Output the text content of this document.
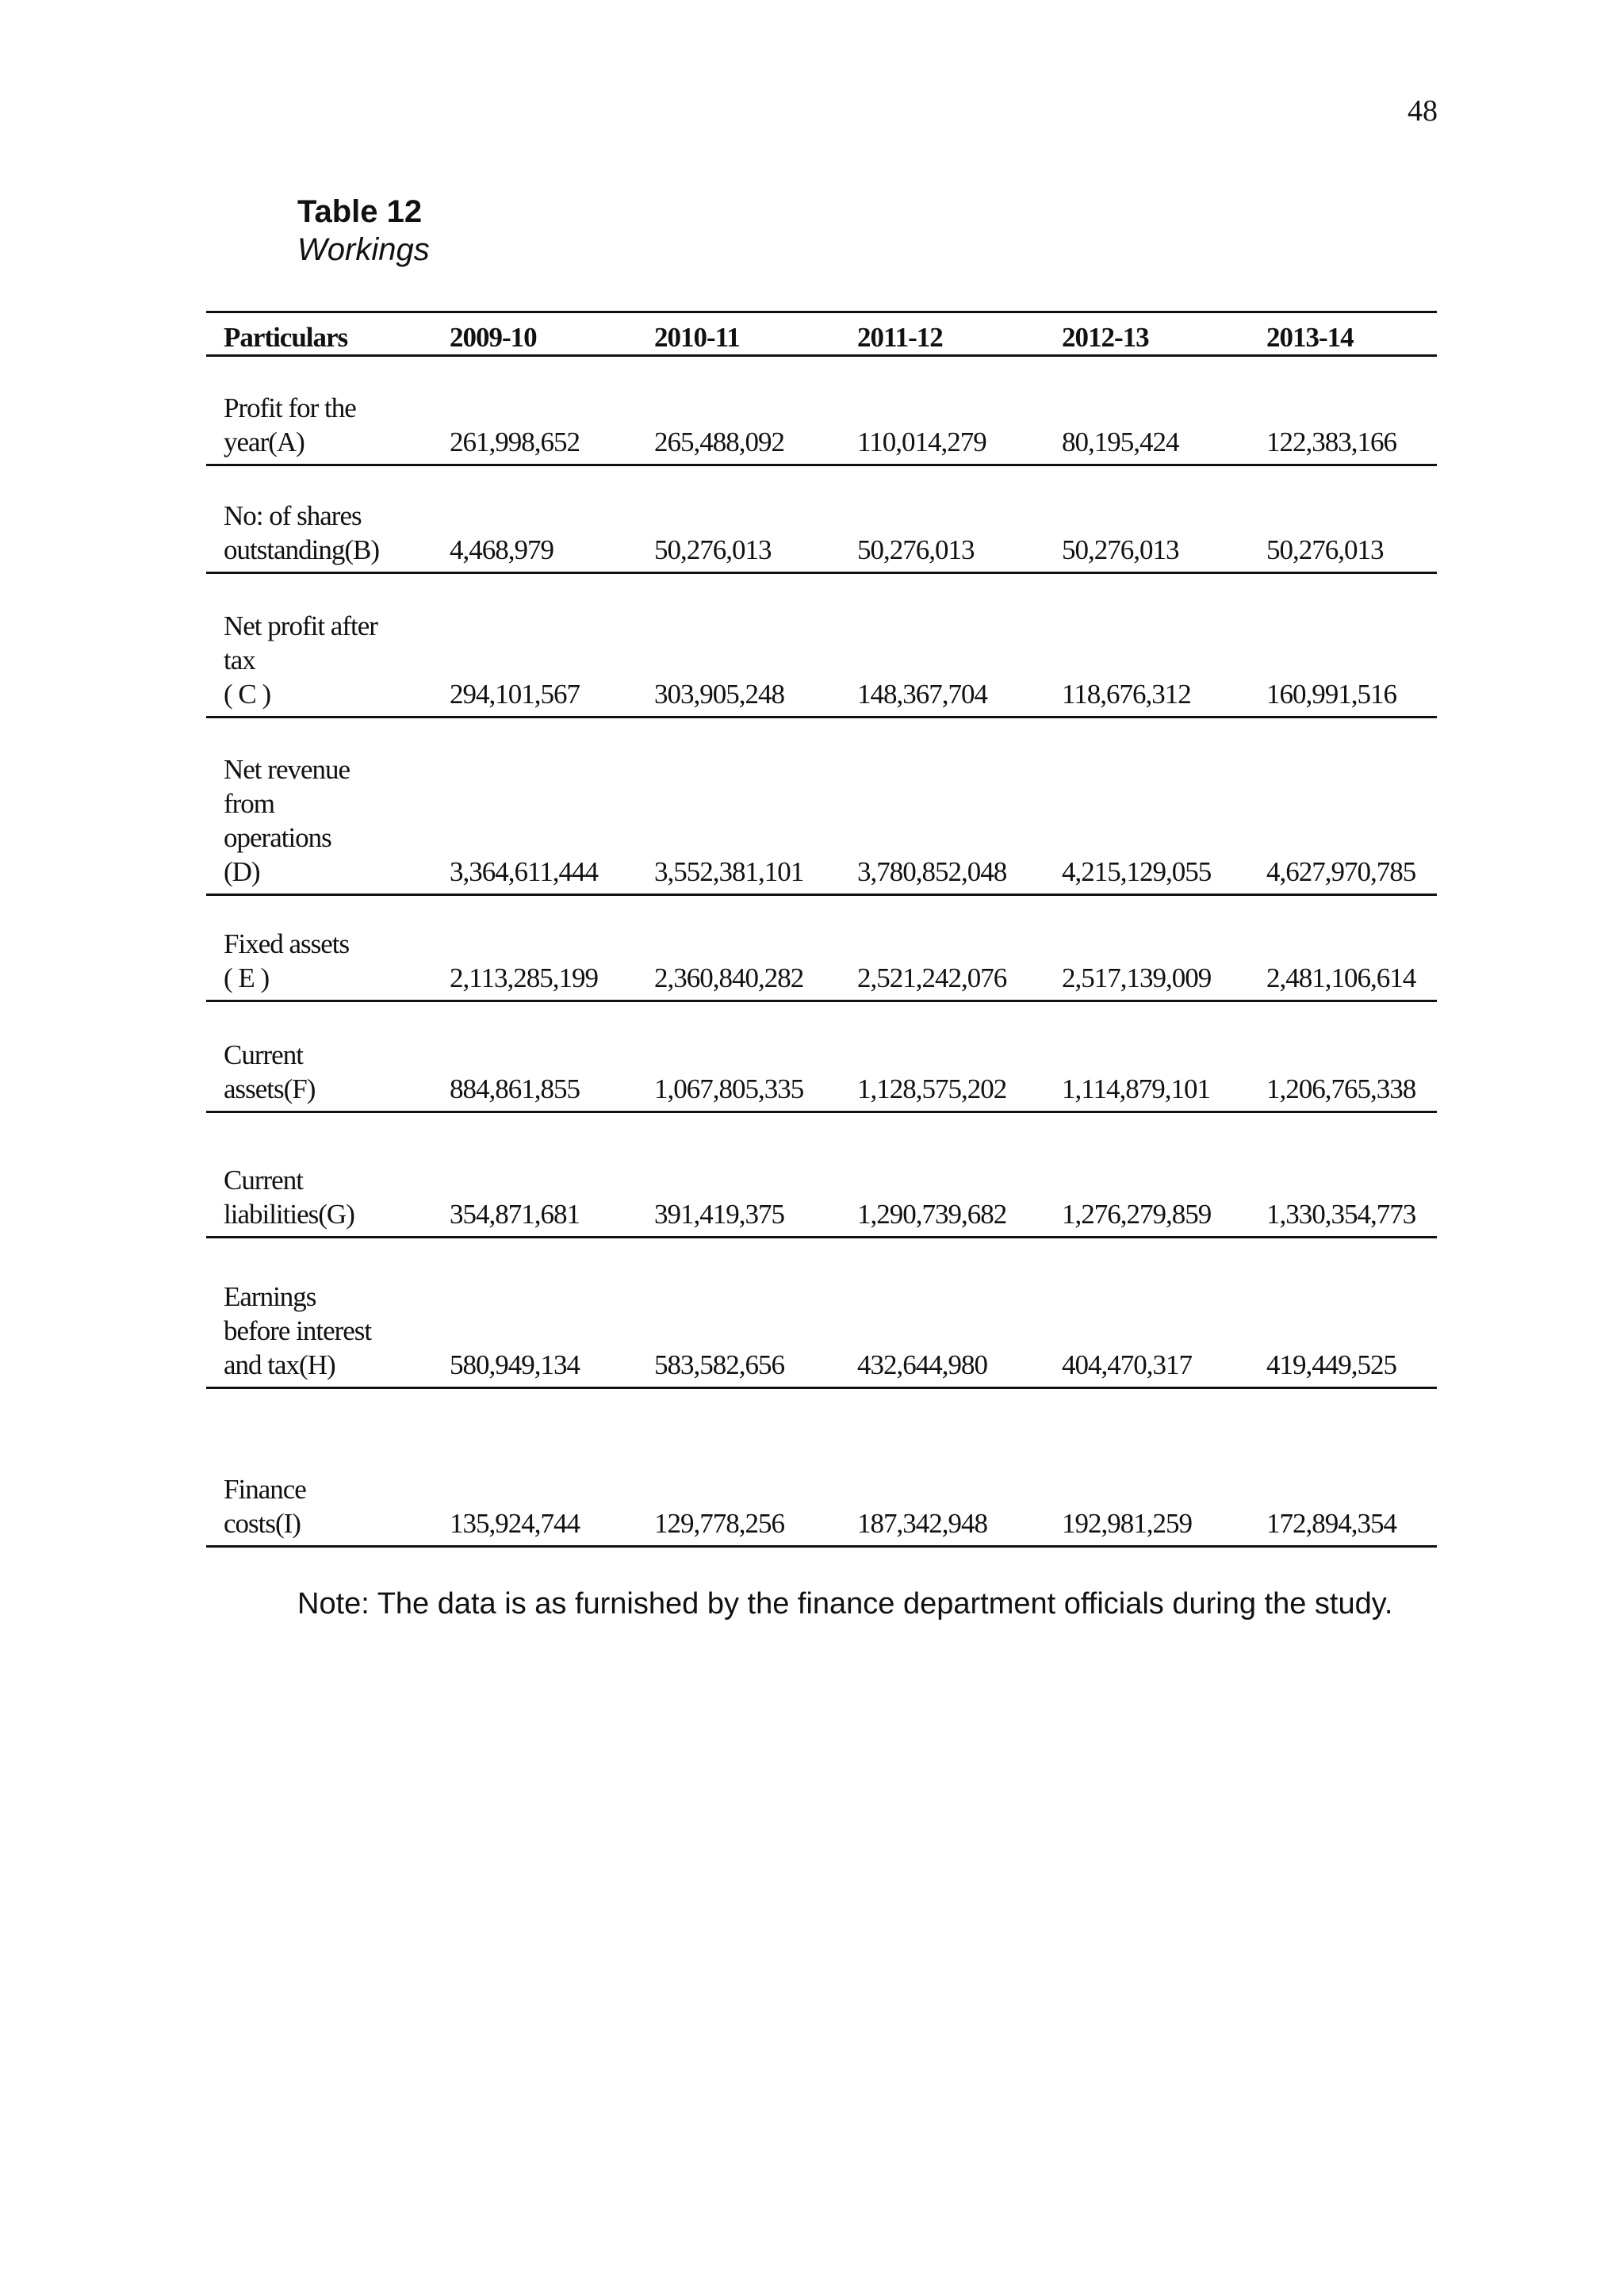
48
Table 12
Workings
Particulars	2009-10	2010-11	2011-12	2012-13	2013-14
Profit for the
year(A)	261,998,652	265,488,092	110,014,279	80,195,424	122,383,166
No: of shares
outstanding(B)	4,468,979	50,276,013	50,276,013	50,276,013	50,276,013
Net profit after
tax
( C )	294,101,567	303,905,248	148,367,704	118,676,312	160,991,516
Net revenue
from
operations
(D)	3,364,611,444	3,552,381,101	3,780,852,048	4,215,129,055	4,627,970,785
Fixed assets
( E )	2,113,285,199	2,360,840,282	2,521,242,076	2,517,139,009	2,481,106,614
Current
assets(F)	884,861,855	1,067,805,335	1,128,575,202	1,114,879,101	1,206,765,338
Current
liabilities(G)	354,871,681	391,419,375	1,290,739,682	1,276,279,859	1,330,354,773
Earnings
before interest
and tax(H)	580,949,134	583,582,656	432,644,980	404,470,317	419,449,525
Finance
costs(I)	135,924,744	129,778,256	187,342,948	192,981,259	172,894,354
Note: The data is as furnished by the finance department officials during the study.
